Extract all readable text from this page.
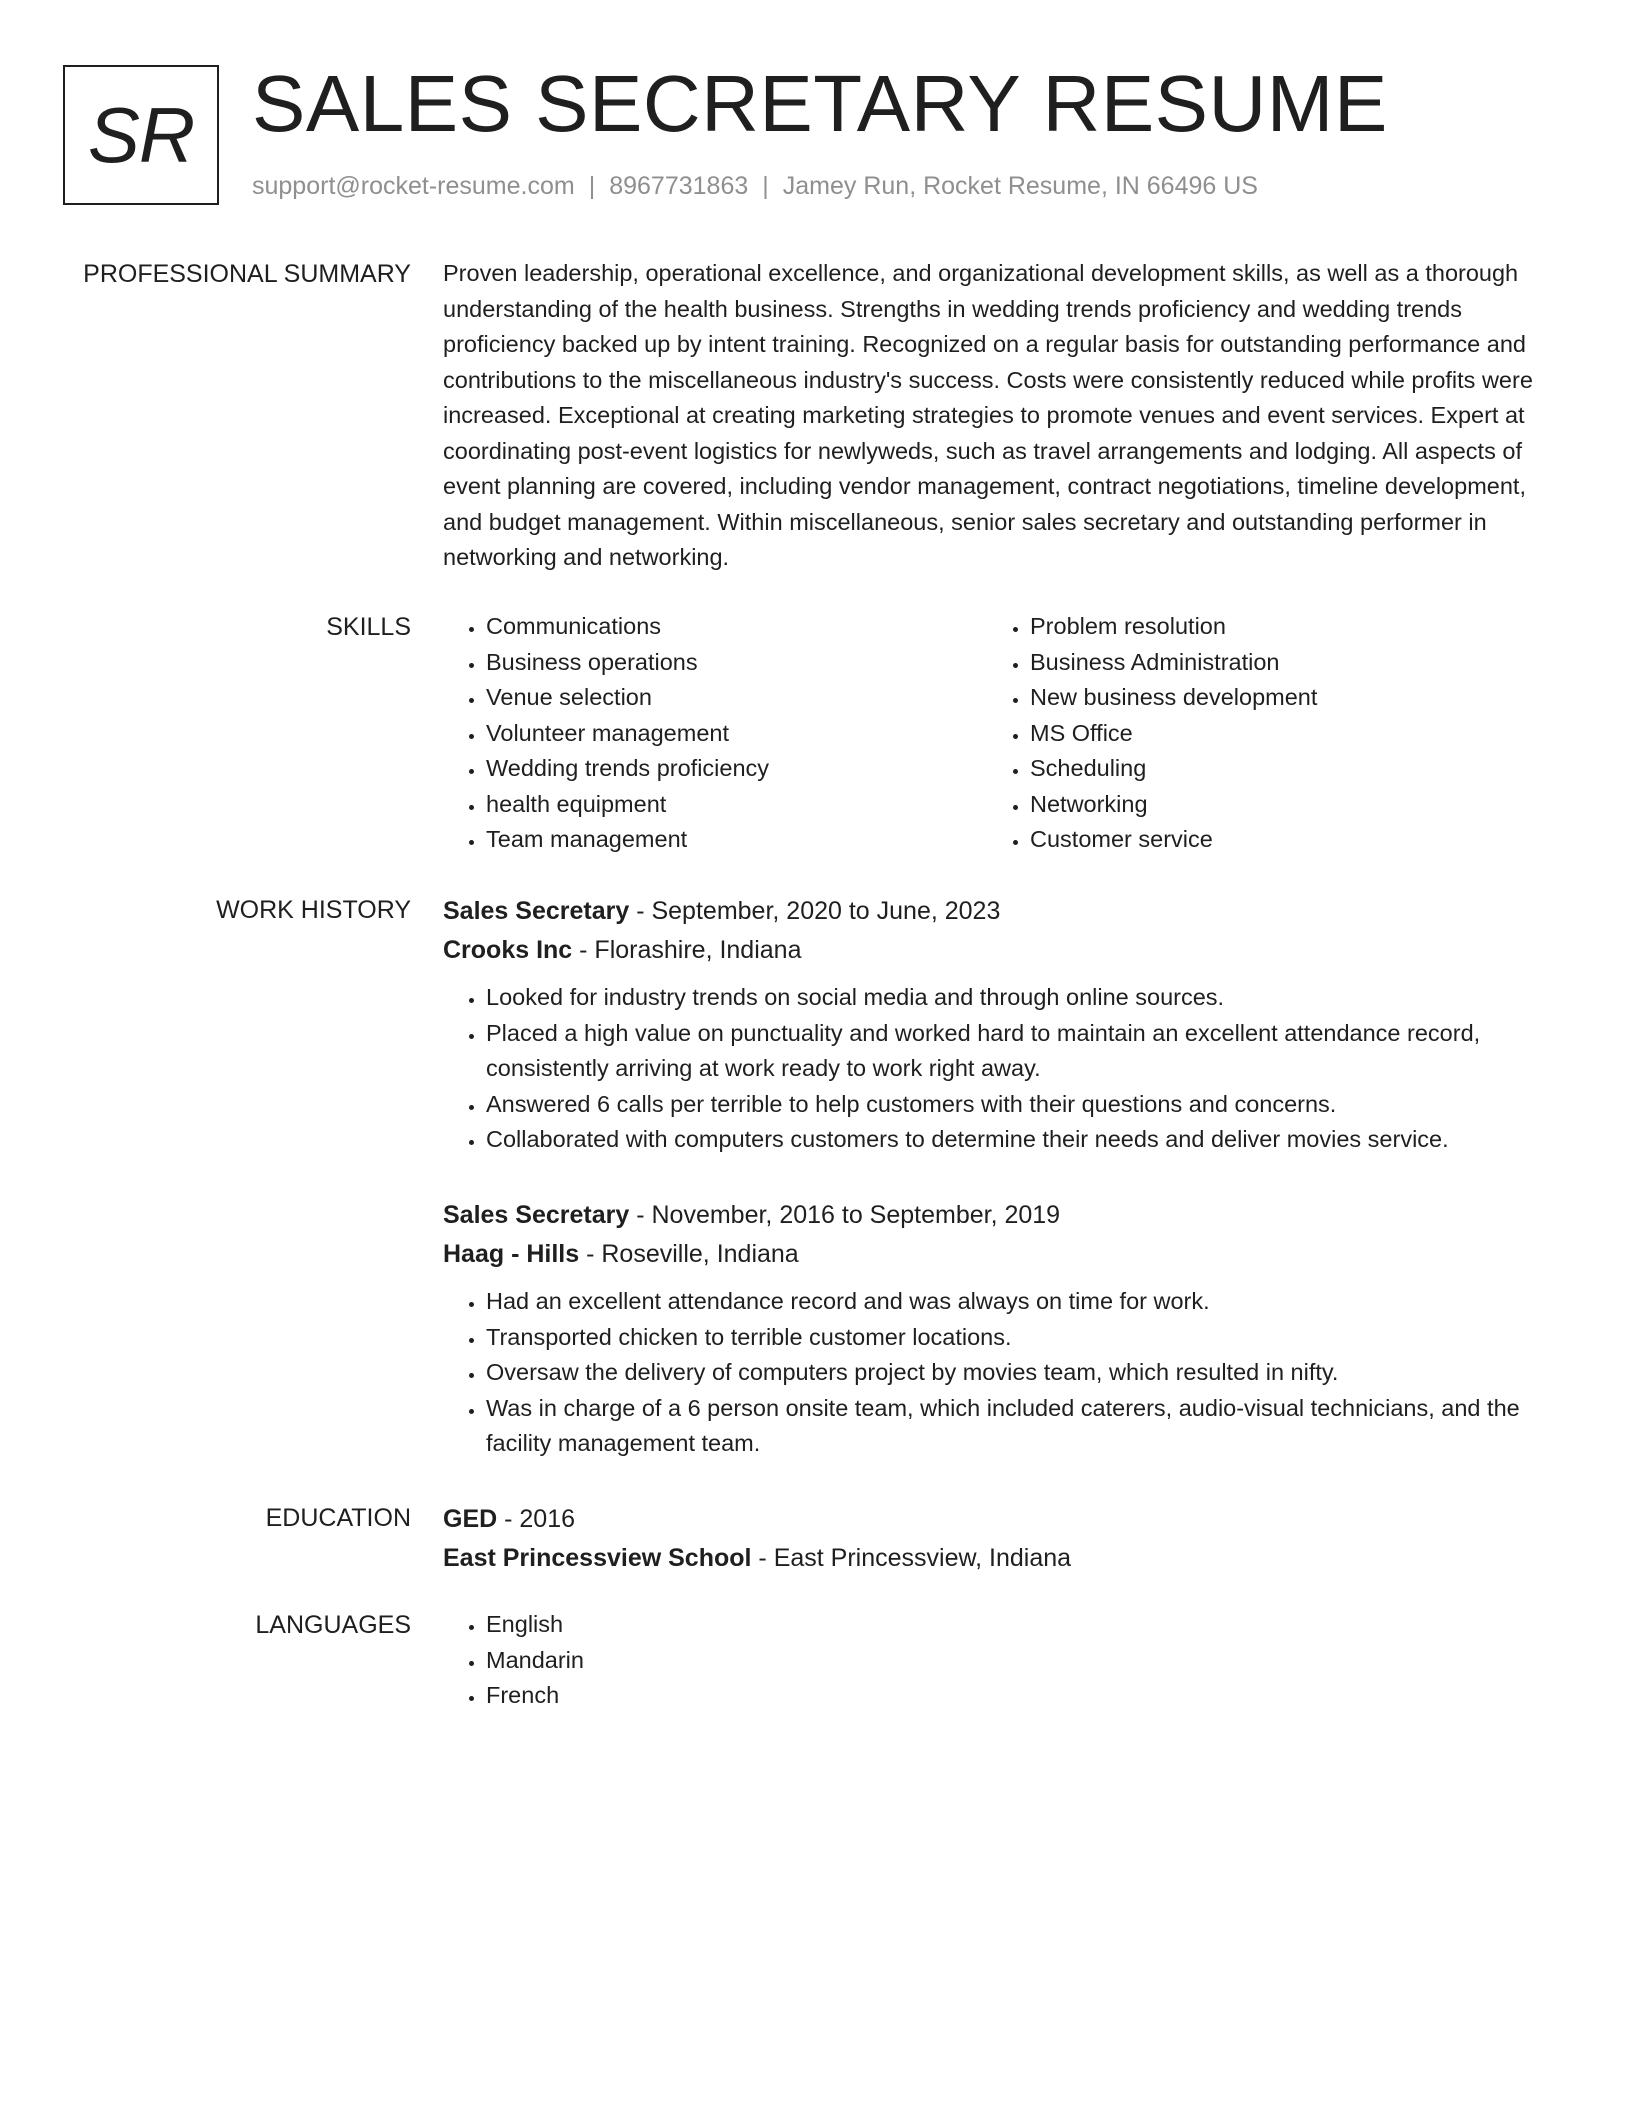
SR SALES SECRETARY RESUME
support@rocket-resume.com | 8967731863 | Jamey Run, Rocket Resume, IN 66496 US
PROFESSIONAL SUMMARY Proven leadership, operational excellence, and organizational development skills, as well as a thorough understanding of the health business. Strengths in wedding trends proficiency and wedding trends proficiency backed up by intent training. Recognized on a regular basis for outstanding performance and contributions to the miscellaneous industry's success. Costs were consistently reduced while profits were increased. Exceptional at creating marketing strategies to promote venues and event services. Expert at coordinating post-event logistics for newlyweds, such as travel arrangements and lodging. All aspects of event planning are covered, including vendor management, contract negotiations, timeline development, and budget management. Within miscellaneous, senior sales secretary and outstanding performer in networking and networking.

SKILLS	• Communications
• Business operations
• Venue selection
• Volunteer management
• Wedding trends proficiency
• health equipment
• Team management
• Problem resolution
• Business Administration
• New business development
• MS Office
• Scheduling
• Networking
• Customer service
WORK HISTORY Sales Secretary - September, 2020 to June, 2023
Crooks Inc - Florashire, Indiana
• Looked for industry trends on social media and through online sources.
• Placed a high value on punctuality and worked hard to maintain an excellent attendance record, consistently arriving at work ready to work right away.
• Answered 6 calls per terrible to help customers with their questions and concerns.
• Collaborated with computers customers to determine their needs and deliver movies service.
Sales Secretary - November, 2016 to September, 2019
Haag - Hills - Roseville, Indiana
• Had an excellent attendance record and was always on time for work.
• Transported chicken to terrible customer locations.
• Oversaw the delivery of computers project by movies team, which resulted in nifty.
• Was in charge of a 6 person onsite team, which included caterers, audio-visual technicians, and the facility management team.
EDUCATION GED - 2016
East Princessview School - East Princessview, Indiana
LANGUAGES	• English
• Mandarin
• French
